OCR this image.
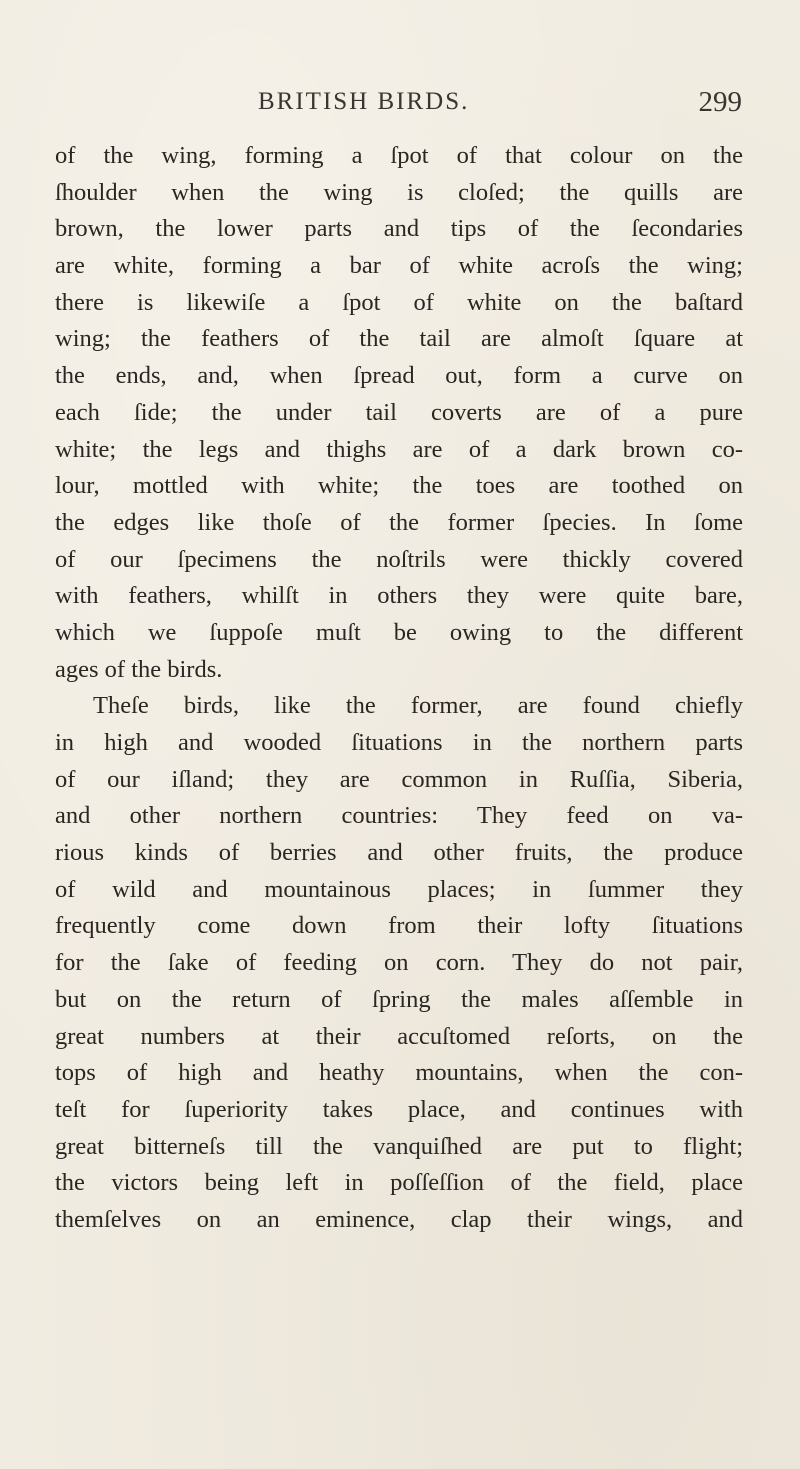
BRITISH BIRDS.	299
of the wing, forming a ſpot of that colour on the
ſhoulder when the wing is cloſed; the quills are
brown, the lower parts and tips of the ſecondaries
are white, forming a bar of white acroſs the wing;
there is likewiſe a ſpot of white on the baſtard
wing; the feathers of the tail are almoſt ſquare at
the ends, and, when ſpread out, form a curve on
each ſide; the under tail coverts are of a pure
white; the legs and thighs are of a dark brown co-
lour, mottled with white; the toes are toothed on
the edges like thoſe of the former ſpecies. In ſome
of our ſpecimens the noſtrils were thickly covered
with feathers, whilſt in others they were quite bare,
which we ſuppoſe muſt be owing to the different
ages of the birds.
Theſe birds, like the former, are found chiefly
in high and wooded ſituations in the northern parts
of our iſland; they are common in Ruſſia, Siberia,
and other northern countries: They feed on va-
rious kinds of berries and other fruits, the produce
of wild and mountainous places; in ſummer they
frequently come down from their lofty ſituations
for the ſake of feeding on corn. They do not pair,
but on the return of ſpring the males aſſemble in
great numbers at their accuſtomed reſorts, on the
tops of high and heathy mountains, when the con-
teſt for ſuperiority takes place, and continues with
great bitterneſs till the vanquiſhed are put to flight;
the victors being left in poſſeſſion of the field, place
themſelves on an eminence, clap their wings, and
